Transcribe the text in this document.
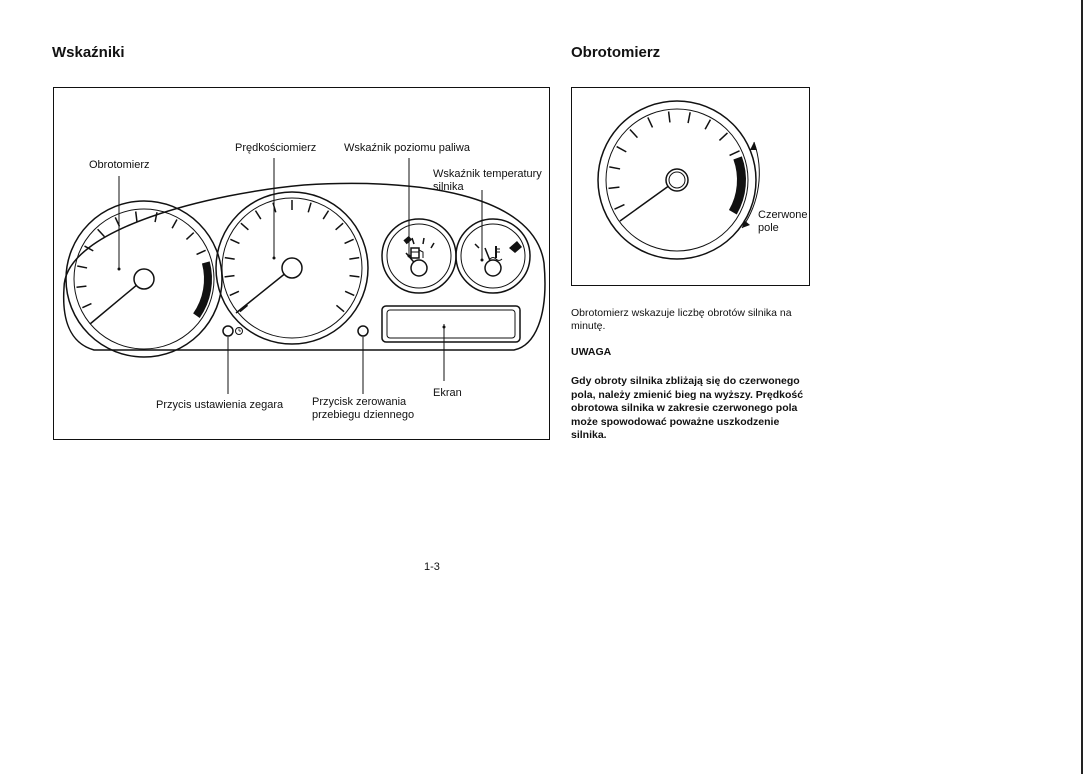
Wskaźniki	Obrotomierz
Obrotomierz
Prędkościomierz	Wskaźnik poziomu paliwa
Wskaźnik temperatury
silnika
Przycis ustawienia zegara	Przycisk zerowania
przebiegu dziennego
Ekran
Czerwone
pole

Obrotomierz wskazuje liczbę obrotów silnika na minutę.

UWAGA

Gdy obroty silnika zbliżają się do czerwonego pola, należy zmienić bieg na wyższy. Prędkość obrotowa silnika w zakresie czerwonego pola może spowodować poważne uszkodzenie silnika.

1-3
